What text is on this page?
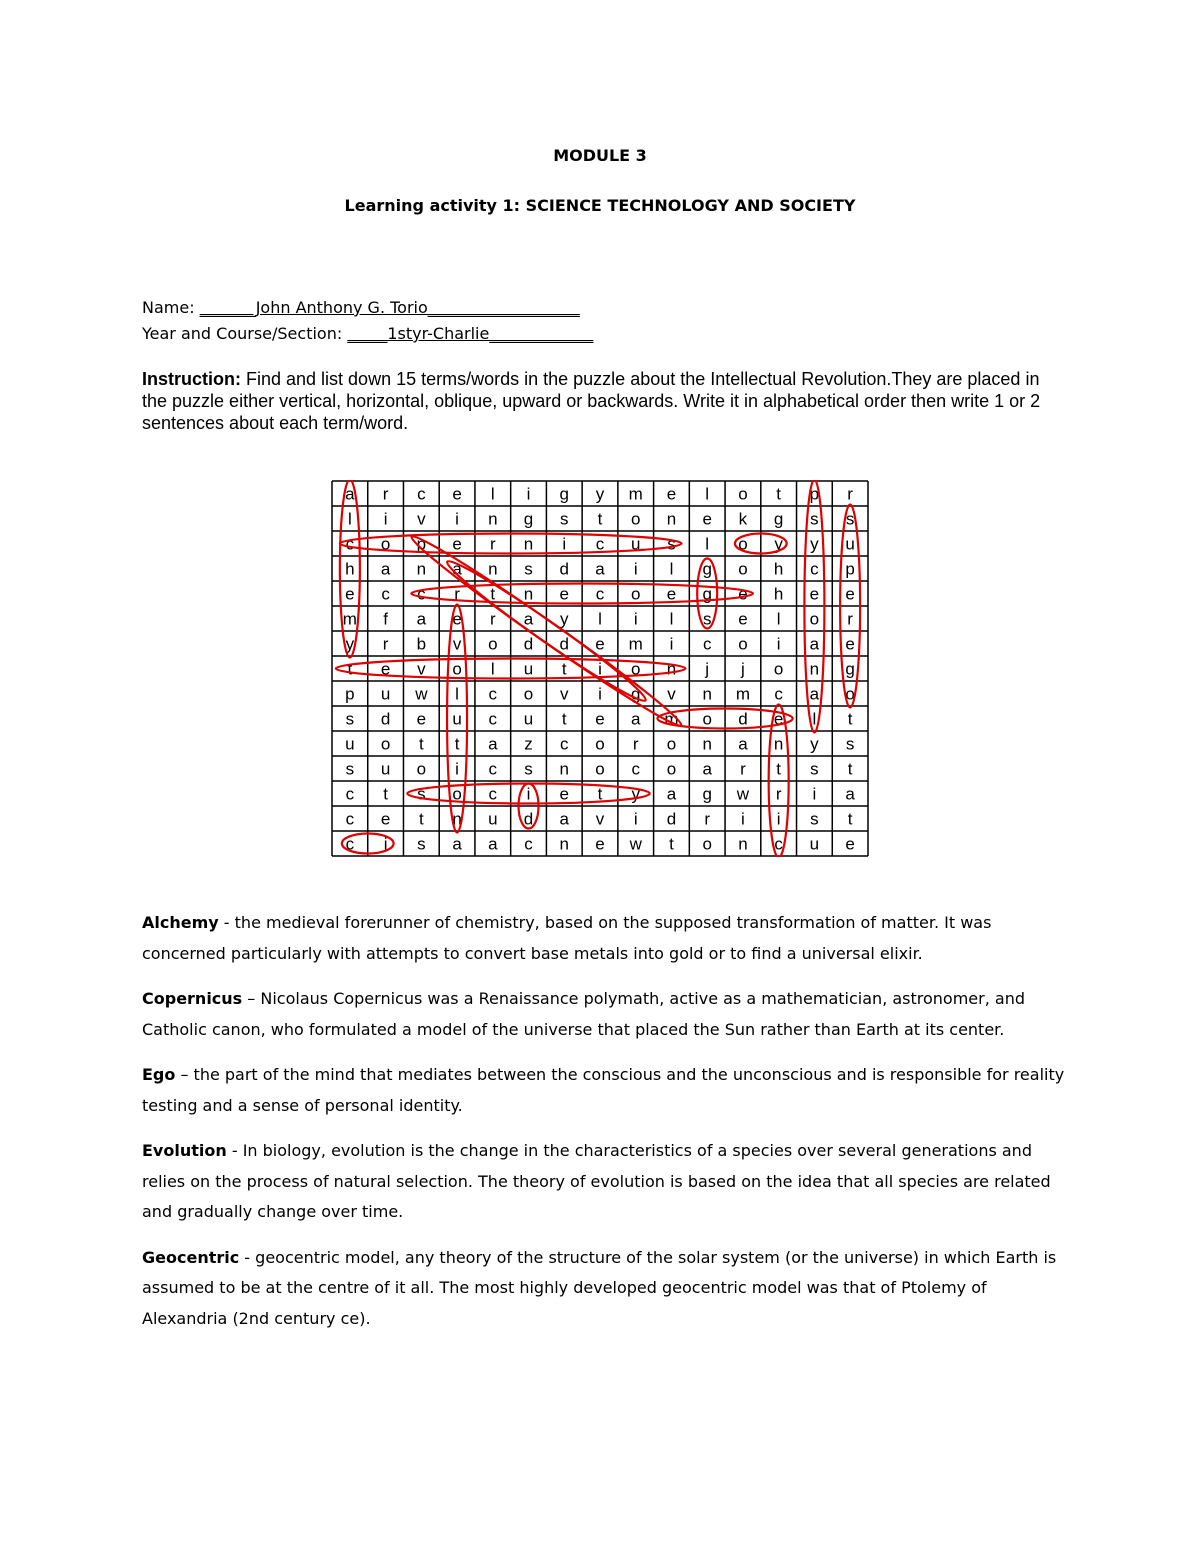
MODULE 3
Learning activity 1: SCIENCE TECHNOLOGY AND SOCIETY
Name: _______John Anthony G. Torio___________________
Year and Course/Section: _____1styr-Charlie_____________
Instruction: Find and list down 15 terms/words in the puzzle about the Intellectual Revolution.They are placed in the puzzle either vertical, horizontal, oblique, upward or backwards. Write it in alphabetical order then write 1 or 2 sentences about each term/word.
a r c e l i g y m e l o t p r
l i v i n g s t o n e k g s s
c o p e r n i c u s l o y y u
h a n a n s d a i l g o h c p
e c c r t n e c o e g e h e e
m f a e r a y l i l s e l o r
y r b v o d d e m i c o i a e
t e v o l u t i o n j j o n g
p u w l c o v i g v n m c a o
s d e u c u t e a m o d e l t
u o t t a z c o r o n a n y s
s u o i c s n o c o a r t s t
c t s o c i e t y a g w r i a
c e t n u d a v i d r i i s t
c i s a a c n e w t o n c u e
Alchemy - the medieval forerunner of chemistry, based on the supposed transformation of matter. It was concerned particularly with attempts to convert base metals into gold or to find a universal elixir.
Copernicus – Nicolaus Copernicus was a Renaissance polymath, active as a mathematician, astronomer, and Catholic canon, who formulated a model of the universe that placed the Sun rather than Earth at its center.
Ego – the part of the mind that mediates between the conscious and the unconscious and is responsible for reality testing and a sense of personal identity.
Evolution - In biology, evolution is the change in the characteristics of a species over several generations and relies on the process of natural selection. The theory of evolution is based on the idea that all species are related and gradually change over time.
Geocentric - geocentric model, any theory of the structure of the solar system (or the universe) in which Earth is assumed to be at the centre of it all. The most highly developed geocentric model was that of Ptolemy of Alexandria (2nd century ce).
